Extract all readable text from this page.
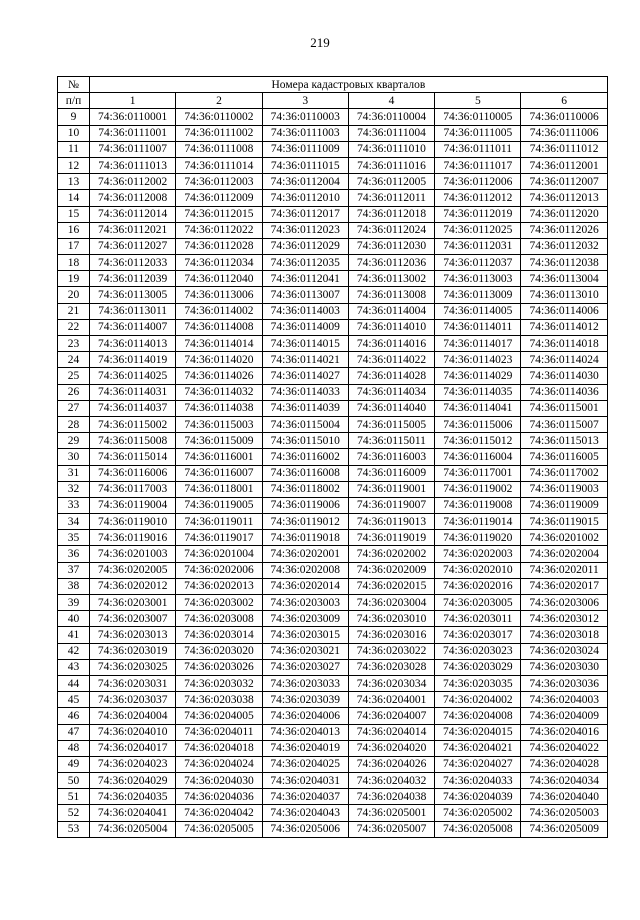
219
№	Номера кадастровых кварталов					
п/п	1	2	3	4	5	6
9	74:36:0110001	74:36:0110002	74:36:0110003	74:36:0110004	74:36:0110005	74:36:0110006
10	74:36:0111001	74:36:0111002	74:36:0111003	74:36:0111004	74:36:0111005	74:36:0111006
11	74:36:0111007	74:36:0111008	74:36:0111009	74:36:0111010	74:36:0111011	74:36:0111012
12	74:36:0111013	74:36:0111014	74:36:0111015	74:36:0111016	74:36:0111017	74:36:0112001
13	74:36:0112002	74:36:0112003	74:36:0112004	74:36:0112005	74:36:0112006	74:36:0112007
14	74:36:0112008	74:36:0112009	74:36:0112010	74:36:0112011	74:36:0112012	74:36:0112013
15	74:36:0112014	74:36:0112015	74:36:0112017	74:36:0112018	74:36:0112019	74:36:0112020
16	74:36:0112021	74:36:0112022	74:36:0112023	74:36:0112024	74:36:0112025	74:36:0112026
17	74:36:0112027	74:36:0112028	74:36:0112029	74:36:0112030	74:36:0112031	74:36:0112032
18	74:36:0112033	74:36:0112034	74:36:0112035	74:36:0112036	74:36:0112037	74:36:0112038
19	74:36:0112039	74:36:0112040	74:36:0112041	74:36:0113002	74:36:0113003	74:36:0113004
20	74:36:0113005	74:36:0113006	74:36:0113007	74:36:0113008	74:36:0113009	74:36:0113010
21	74:36:0113011	74:36:0114002	74:36:0114003	74:36:0114004	74:36:0114005	74:36:0114006
22	74:36:0114007	74:36:0114008	74:36:0114009	74:36:0114010	74:36:0114011	74:36:0114012
23	74:36:0114013	74:36:0114014	74:36:0114015	74:36:0114016	74:36:0114017	74:36:0114018
24	74:36:0114019	74:36:0114020	74:36:0114021	74:36:0114022	74:36:0114023	74:36:0114024
25	74:36:0114025	74:36:0114026	74:36:0114027	74:36:0114028	74:36:0114029	74:36:0114030
26	74:36:0114031	74:36:0114032	74:36:0114033	74:36:0114034	74:36:0114035	74:36:0114036
27	74:36:0114037	74:36:0114038	74:36:0114039	74:36:0114040	74:36:0114041	74:36:0115001
28	74:36:0115002	74:36:0115003	74:36:0115004	74:36:0115005	74:36:0115006	74:36:0115007
29	74:36:0115008	74:36:0115009	74:36:0115010	74:36:0115011	74:36:0115012	74:36:0115013
30	74:36:0115014	74:36:0116001	74:36:0116002	74:36:0116003	74:36:0116004	74:36:0116005
31	74:36:0116006	74:36:0116007	74:36:0116008	74:36:0116009	74:36:0117001	74:36:0117002
32	74:36:0117003	74:36:0118001	74:36:0118002	74:36:0119001	74:36:0119002	74:36:0119003
33	74:36:0119004	74:36:0119005	74:36:0119006	74:36:0119007	74:36:0119008	74:36:0119009
34	74:36:0119010	74:36:0119011	74:36:0119012	74:36:0119013	74:36:0119014	74:36:0119015
35	74:36:0119016	74:36:0119017	74:36:0119018	74:36:0119019	74:36:0119020	74:36:0201002
36	74:36:0201003	74:36:0201004	74:36:0202001	74:36:0202002	74:36:0202003	74:36:0202004
37	74:36:0202005	74:36:0202006	74:36:0202008	74:36:0202009	74:36:0202010	74:36:0202011
38	74:36:0202012	74:36:0202013	74:36:0202014	74:36:0202015	74:36:0202016	74:36:0202017
39	74:36:0203001	74:36:0203002	74:36:0203003	74:36:0203004	74:36:0203005	74:36:0203006
40	74:36:0203007	74:36:0203008	74:36:0203009	74:36:0203010	74:36:0203011	74:36:0203012
41	74:36:0203013	74:36:0203014	74:36:0203015	74:36:0203016	74:36:0203017	74:36:0203018
42	74:36:0203019	74:36:0203020	74:36:0203021	74:36:0203022	74:36:0203023	74:36:0203024
43	74:36:0203025	74:36:0203026	74:36:0203027	74:36:0203028	74:36:0203029	74:36:0203030
44	74:36:0203031	74:36:0203032	74:36:0203033	74:36:0203034	74:36:0203035	74:36:0203036
45	74:36:0203037	74:36:0203038	74:36:0203039	74:36:0204001	74:36:0204002	74:36:0204003
46	74:36:0204004	74:36:0204005	74:36:0204006	74:36:0204007	74:36:0204008	74:36:0204009
47	74:36:0204010	74:36:0204011	74:36:0204013	74:36:0204014	74:36:0204015	74:36:0204016
48	74:36:0204017	74:36:0204018	74:36:0204019	74:36:0204020	74:36:0204021	74:36:0204022
49	74:36:0204023	74:36:0204024	74:36:0204025	74:36:0204026	74:36:0204027	74:36:0204028
50	74:36:0204029	74:36:0204030	74:36:0204031	74:36:0204032	74:36:0204033	74:36:0204034
51	74:36:0204035	74:36:0204036	74:36:0204037	74:36:0204038	74:36:0204039	74:36:0204040
52	74:36:0204041	74:36:0204042	74:36:0204043	74:36:0205001	74:36:0205002	74:36:0205003
53	74:36:0205004	74:36:0205005	74:36:0205006	74:36:0205007	74:36:0205008	74:36:0205009
